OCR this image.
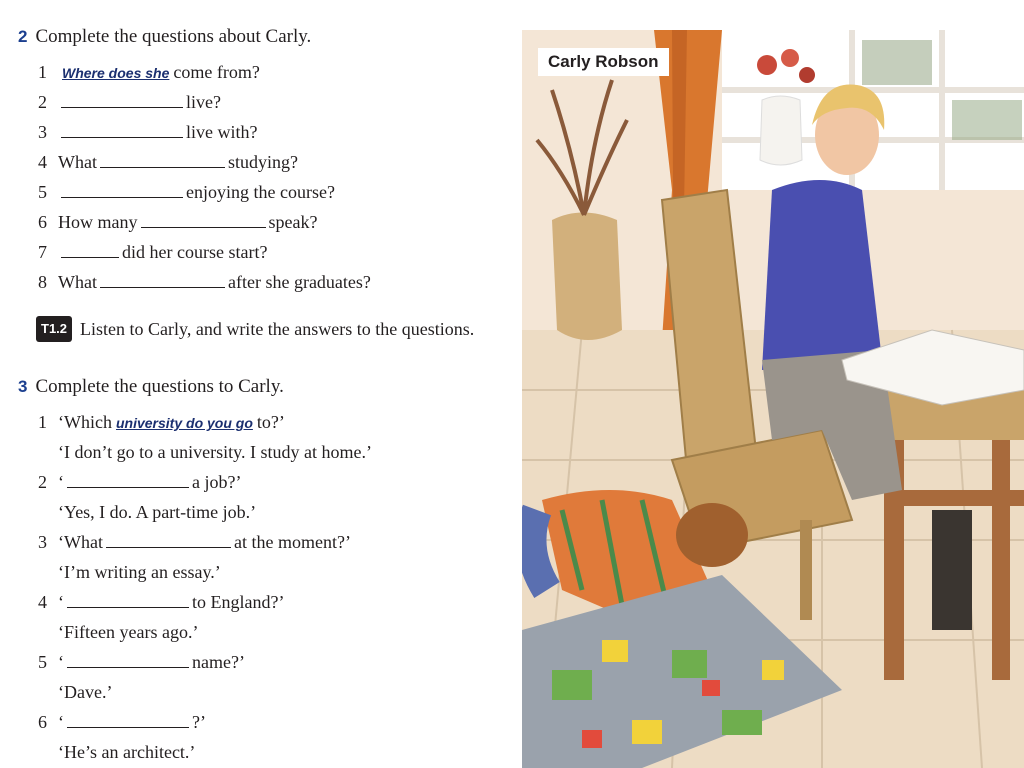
2 Complete the questions about Carly.
1 Where does she come from?
2	live?
3	live with?
4 What	studying?
5	enjoying the course?
6 How many	speak?
7	did her course start?
8 What	after she graduates?
T1.2 Listen to Carly, and write the answers to the questions.
3 Complete the questions to Carly.
1 ‘Which university do you go to?’
‘I don’t go to a university. I study at home.’
2 ‘	a job?’
‘Yes, I do. A part-time job.’
3 ‘What	at the moment?’
‘I’m writing an essay.’
4 ‘	to England?’
‘Fifteen years ago.’
5 ‘	name?’
‘Dave.’
6 ‘	?’
‘He’s an architect.’
Carly Robson
